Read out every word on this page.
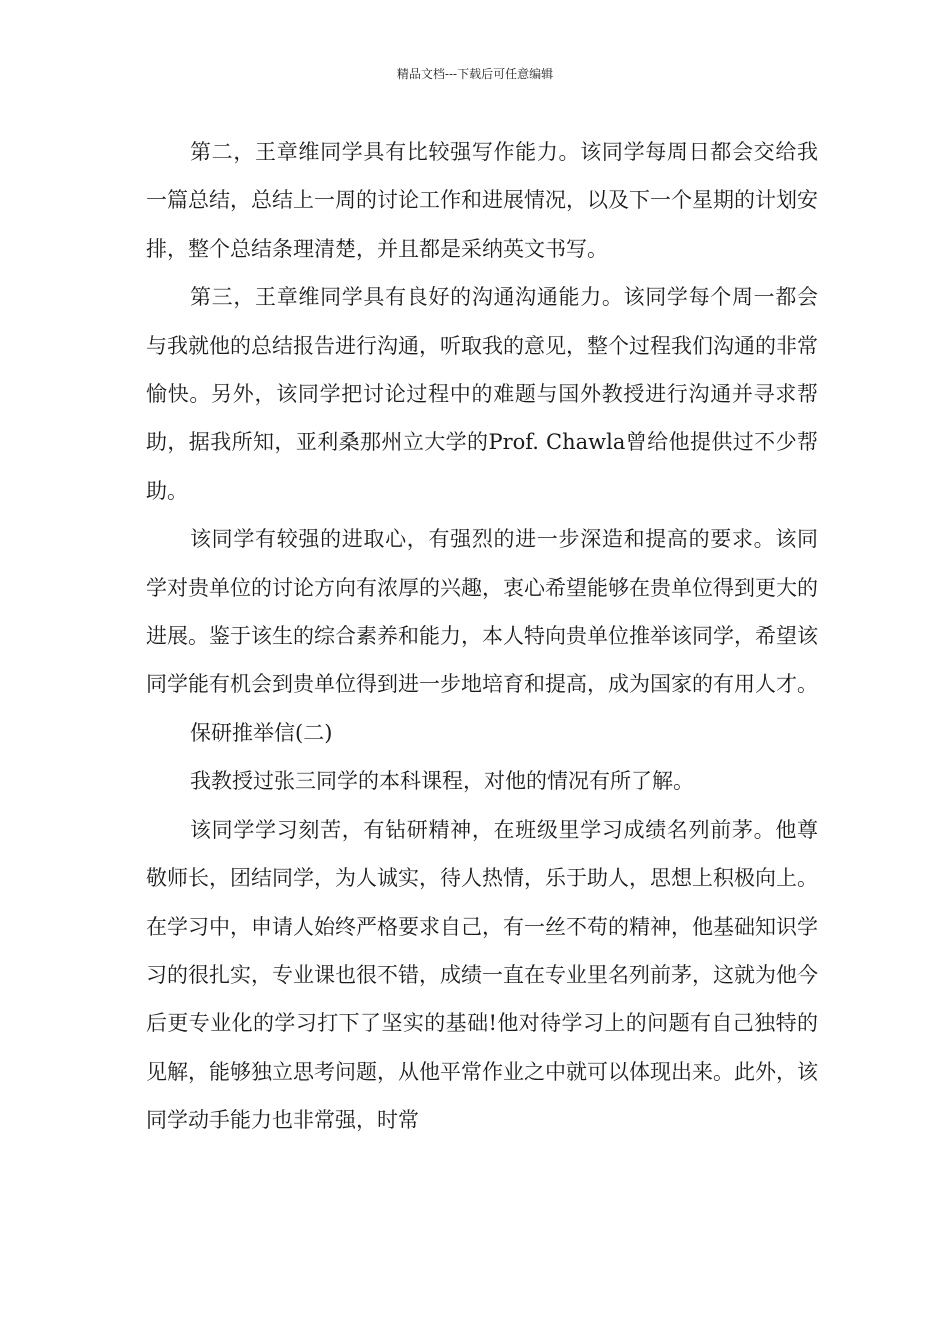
精品文档---下载后可任意编辑

第二，王章维同学具有比较强写作能力。该同学每周日都会交给我一篇总结，总结上一周的讨论工作和进展情况，以及下一个星期的计划安排，整个总结条理清楚，并且都是采纳英文书写。

第三，王章维同学具有良好的沟通沟通能力。该同学每个周一都会与我就他的总结报告进行沟通，听取我的意见，整个过程我们沟通的非常愉快。另外，该同学把讨论过程中的难题与国外教授进行沟通并寻求帮助，据我所知，亚利桑那州立大学的Prof. Chawla曾给他提供过不少帮助。

该同学有较强的进取心，有强烈的进一步深造和提高的要求。该同学对贵单位的讨论方向有浓厚的兴趣，衷心希望能够在贵单位得到更大的进展。鉴于该生的综合素养和能力，本人特向贵单位推举该同学，希望该同学能有机会到贵单位得到进一步地培育和提高，成为国家的有用人才。

保研推举信(二)

我教授过张三同学的本科课程，对他的情况有所了解。

该同学学习刻苦，有钻研精神，在班级里学习成绩名列前茅。他尊敬师长，团结同学，为人诚实，待人热情，乐于助人，思想上积极向上。在学习中，申请人始终严格要求自己，有一丝不苟的精神，他基础知识学习的很扎实，专业课也很不错，成绩一直在专业里名列前茅，这就为他今后更专业化的学习打下了坚实的基础!他对待学习上的问题有自己独特的见解，能够独立思考问题，从他平常作业之中就可以体现出来。此外，该同学动手能力也非常强，时常
